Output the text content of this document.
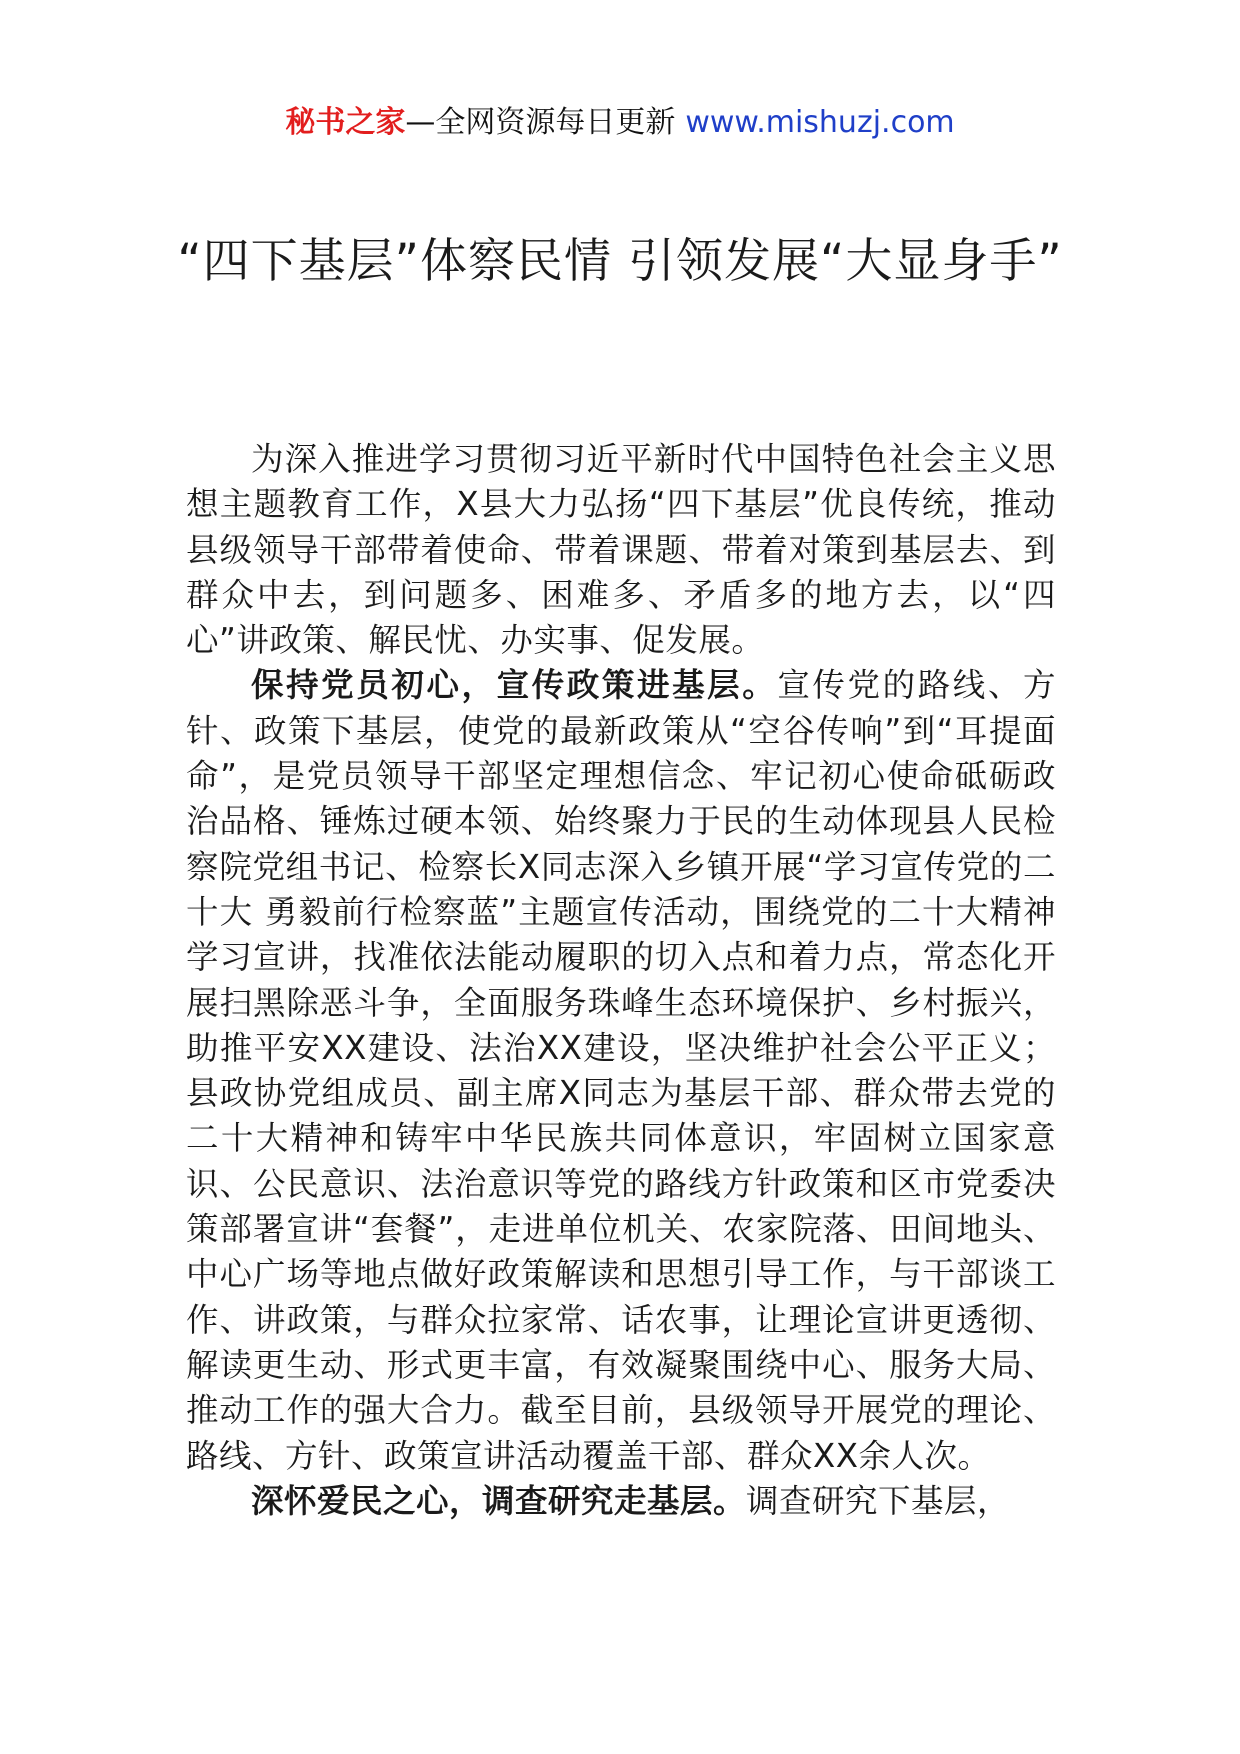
秘书之家—全网资源每日更新 www.mishuzj.com
“四下基层”体察民情 引领发展“大显身手”

为深入推进学习贯彻习近平新时代中国特色社会主义思想主题教育工作，X县大力弘扬“四下基层”优良传统，推动县级领导干部带着使命、带着课题、带着对策到基层去、到群众中去，到问题多、困难多、矛盾多的地方去，以“四心”讲政策、解民忧、办实事、促发展。

保持党员初心，宣传政策进基层。宣传党的路线、方针、政策下基层，使党的最新政策从“空谷传响”到“耳提面命”，是党员领导干部坚定理想信念、牢记初心使命砥砺政治品格、锤炼过硬本领、始终聚力于民的生动体现县人民检察院党组书记、检察长X同志深入乡镇开展“学习宣传党的二十大 勇毅前行检察蓝”主题宣传活动，围绕党的二十大精神学习宣讲，找准依法能动履职的切入点和着力点，常态化开展扫黑除恶斗争，全面服务珠峰生态环境保护、乡村振兴，助推平安XX建设、法治XX建设，坚决维护社会公平正义；县政协党组成员、副主席X同志为基层干部、群众带去党的二十大精神和铸牢中华民族共同体意识，牢固树立国家意识、公民意识、法治意识等党的路线方针政策和区市党委决策部署宣讲“套餐”，走进单位机关、农家院落、田间地头、中心广场等地点做好政策解读和思想引导工作，与干部谈工作、讲政策，与群众拉家常、话农事，让理论宣讲更透彻、解读更生动、形式更丰富，有效凝聚围绕中心、服务大局、推动工作的强大合力。截至目前，县级领导开展党的理论、路线、方针、政策宣讲活动覆盖干部、群众XX余人次。

深怀爱民之心，调查研究走基层。调查研究下基层，
